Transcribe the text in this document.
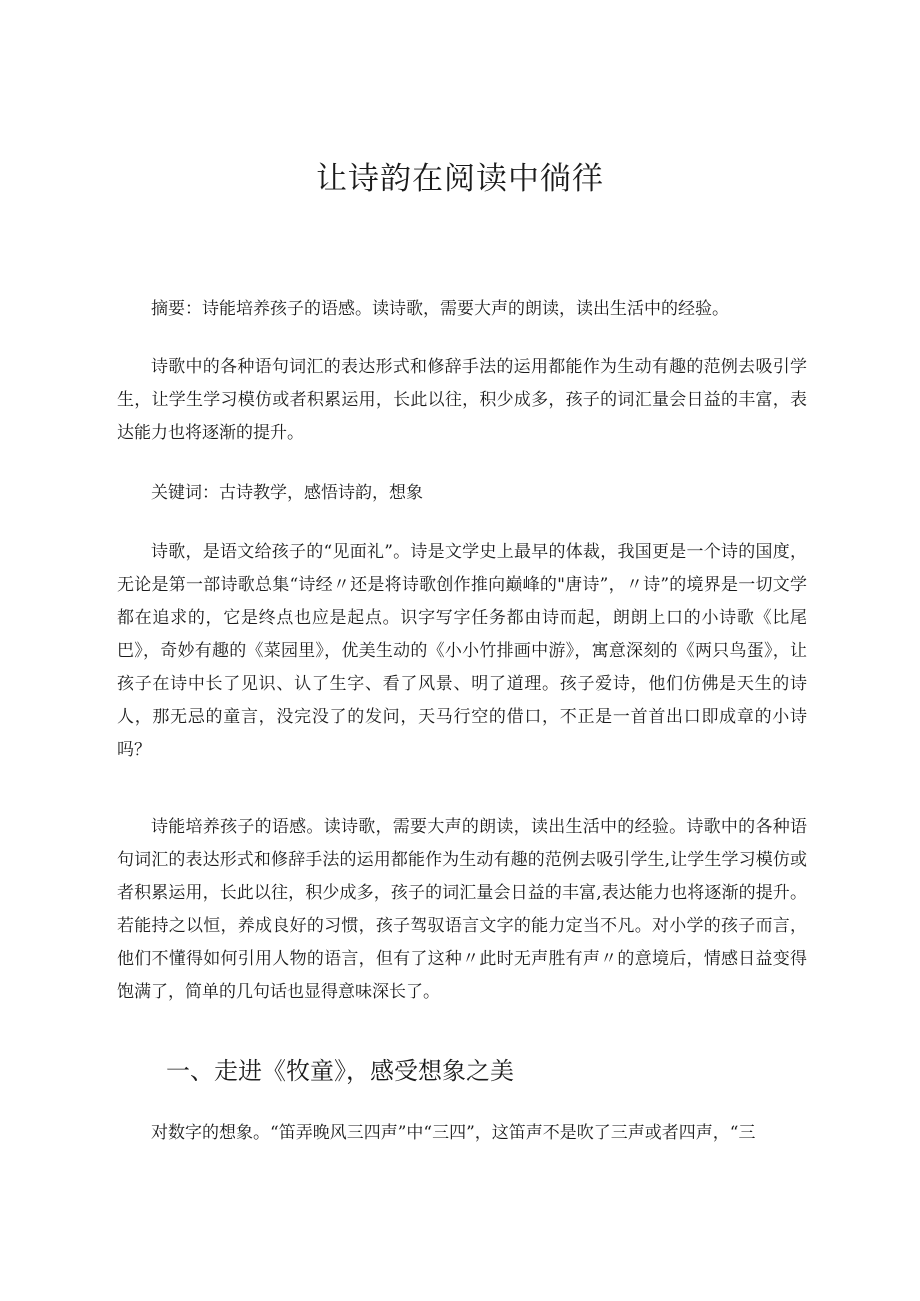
让诗韵在阅读中徜徉

摘要：诗能培养孩子的语感。读诗歌，需要大声的朗读，读出生活中的经验。

诗歌中的各种语句词汇的表达形式和修辞手法的运用都能作为生动有趣的范例去吸引学生，让学生学习模仿或者积累运用，长此以往，积少成多，孩子的词汇量会日益的丰富，表达能力也将逐渐的提升。

关键词：古诗教学，感悟诗韵，想象

诗歌，是语文给孩子的“见面礼”。诗是文学史上最早的体裁，我国更是一个诗的国度，无论是第一部诗歌总集“诗经〃还是将诗歌创作推向巅峰的"唐诗”，〃诗”的境界是一切文学都在追求的，它是终点也应是起点。识字写字任务都由诗而起，朗朗上口的小诗歌《比尾巴》，奇妙有趣的《菜园里》，优美生动的《小小竹排画中游》，寓意深刻的《两只鸟蛋》，让孩子在诗中长了见识、认了生字、看了风景、明了道理。孩子爱诗，他们仿佛是天生的诗人，那无忌的童言，没完没了的发问，天马行空的借口，不正是一首首出口即成章的小诗吗？

诗能培养孩子的语感。读诗歌，需要大声的朗读，读出生活中的经验。诗歌中的各种语句词汇的表达形式和修辞手法的运用都能作为生动有趣的范例去吸引学生,让学生学习模仿或者积累运用，长此以往，积少成多，孩子的词汇量会日益的丰富,表达能力也将逐渐的提升。若能持之以恒，养成良好的习惯，孩子驾驭语言文字的能力定当不凡。对小学的孩子而言，他们不懂得如何引用人物的语言，但有了这种〃此时无声胜有声〃的意境后，情感日益变得饱满了，简单的几句话也显得意味深长了。

一、走进《牧童》，感受想象之美

对数字的想象。“笛弄晚风三四声”中“三四”，这笛声不是吹了三声或者四声，“三
